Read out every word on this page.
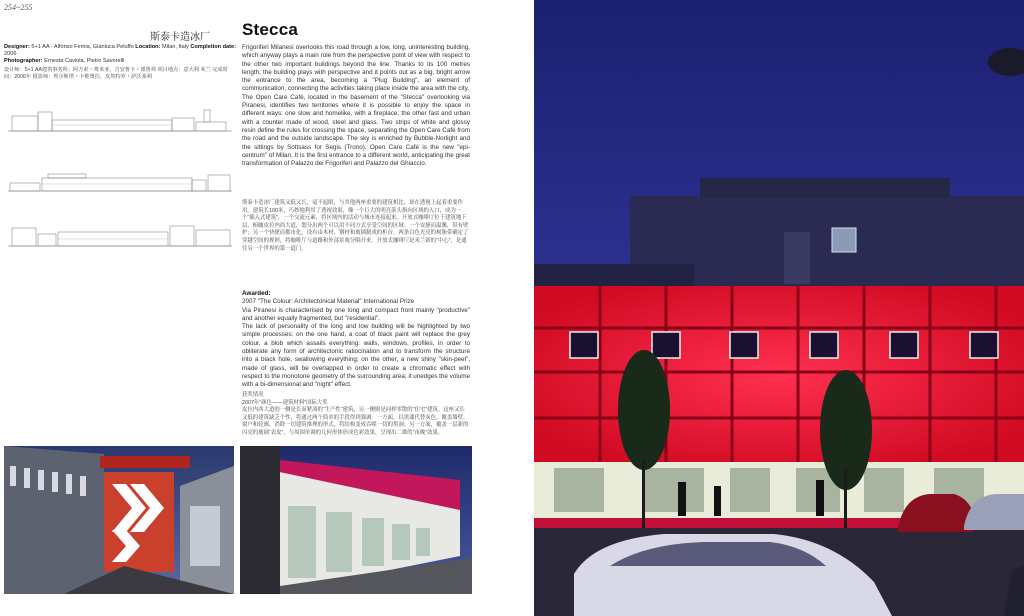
254~255
斯泰卡造冰厂 Stecca
Designer: 5+1 AA - Alfonso Femia, Gianluca Peluffo Location: Milan, Italy Completion date: 2006
Photographer: Ernesta Caviola, Pietro Savorelli
设计师：5+1 AA建筑事务所；阿方索・费米亚，吉安鲁卡・派鲁弗 项目地点：意大利 米兰 完成时间：2006年 摄影师：埃尔斯塔・卡维奥拉，皮埃特罗・萨沃莱利

Frigoriferi Milanesi overlooks this road through a low, long, uninteresting building, which anyway plays a main role from the perspective point of view with respect to the other two important buildings beyond the line. Thanks to its 100 metres length, the building plays with perspective and it points out as a big, bright arrow the entrance to the area, becoming a "Plug Building", an element of communication, connecting the activities taking place inside the area with the city.

The Open Care Café, located in the basement of the "Stecca" overlooking via Piranesi, identifies two territories where it is possible to enjoy the space in different ways: one slow and homelike, with a fireplace; the other fast and urban with a counter made of wood, steel and glass. Two strips of white and glossy resin define the rules for crossing the space, separating the Open Care Café from the road and the outside landscape. The sky is enriched by Bubble-Norlight and the sittings by Sottsass for Segis (Trono). Open Care Café is the new "epi-centrum" of Milan. It is the first entrance to a different world, anticipating the great transformation of Palazzo dei Frigoriferi and Palazzo del Ghiaccio.

斯泰卡造冰厂建筑又低又长，毫不起眼，与其他两座重要的建筑相比，却在透视上起着重要作用。建筑长100米，巧妙地利用了透视效果，像一个巨大的明亮箭头指向区域的入口，成为一个“插入式建筑”，一个交流元素，将区域内的活动与城市连接起来。开放式咖啡厅位于建筑地下层，俯瞰皮拉内西大道，划分出两个可以用不同方式享受空间的区域：一个安静而温馨，带有壁炉；另一个快捷而都市化，设有由木材、钢材和玻璃制成的柜台。两条白色光亮的树脂带确定了穿越空间的规则，将咖啡厅与道路和外部景观分隔开来。开放式咖啡厅是米兰新的“中心”，是通往另一个世界的第一道门。

Awarded:

2007 "The Colour: Architectonical Material" International Prize

Via Piranesi is characterised by one long and compact front mainly "productive" and another equally fragmented, but "residential".

The lack of personality of the long and low building will be highlighted by two simple processes: on the one hand, a coat of black paint will replace the grey colour, a blob which assails everything: walls, windows, profiles, in order to obliterate any form of architectonic ratiocination and to transform the structure into a black hole, swallowing everything; on the other, a new shiny "skin-peel", made of glass, will be overlapped in order to create a chromatic effect with respect to the monotone geometry of the surrounding area; it unedges the volume with a bi-dimensional and "night" effect.

获奖情况
2007年“颜色——建筑材料”国际大奖
皮拉内西大道的一侧是长而紧凑的“生产性”建筑，另一侧则是同样零散的“住宅”建筑。这座又长又低的建筑缺乏个性，将通过两个简单的手段得到强调：一方面，以黑漆代替灰色，覆盖墙壁、窗户和轮廓，消除一切建筑推理的形式，将结构变成吞噬一切的黑洞；另一方面，覆盖一层新的闪亮的玻璃“表皮”，与周围单调的几何形体形成色彩效果，呈现出二维的“夜晚”效果。
